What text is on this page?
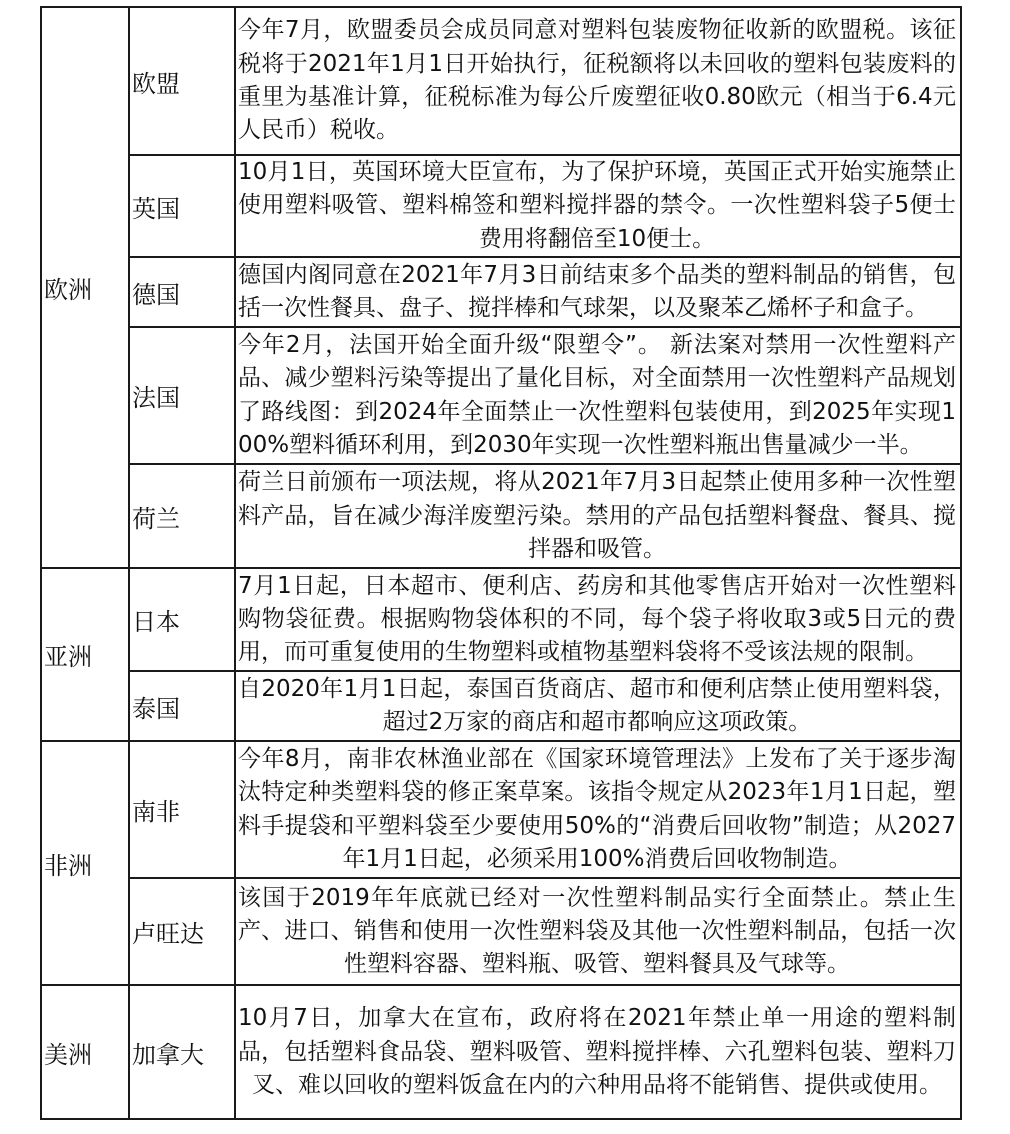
欧洲	欧盟	今年7月，欧盟委员会成员同意对塑料包装废物征收新的欧盟税。该征税将于2021年1月1日开始执行，征税额将以未回收的塑料包装废料的重里为基准计算，征税标准为每公斤废塑征收0.80欧元（相当于6.4元人民币）税收。
	英国	10月1日，英国环境大臣宣布，为了保护环境，英国正式开始实施禁止使用塑料吸管、塑料棉签和塑料搅拌器的禁令。一次性塑料袋子5便士费用将翻倍至10便士。
	德国	德国内阁同意在2021年7月3日前结束多个品类的塑料制品的销售，包括一次性餐具、盘子、搅拌棒和气球架，以及聚苯乙烯杯子和盒子。
	法国	今年2月，法国开始全面升级“限塑令”。 新法案对禁用一次性塑料产品、减少塑料污染等提出了量化目标，对全面禁用一次性塑料产品规划了路线图：到2024年全面禁止一次性塑料包装使用，到2025年实现100%塑料循环利用，到2030年实现一次性塑料瓶出售量减少一半。
	荷兰	荷兰日前颁布一项法规，将从2021年7月3日起禁止使用多种一次性塑料产品，旨在减少海洋废塑污染。禁用的产品包括塑料餐盘、餐具、搅拌器和吸管。
亚洲	日本	7月1日起，日本超市、便利店、药房和其他零售店开始对一次性塑料购物袋征费。根据购物袋体积的不同，每个袋子将收取3或5日元的费用，而可重复使用的生物塑料或植物基塑料袋将不受该法规的限制。
	泰国	自2020年1月1日起，泰国百货商店、超市和便利店禁止使用塑料袋，超过2万家的商店和超市都响应这项政策。
非洲	南非	今年8月，南非农林渔业部在《国家环境管理法》上发布了关于逐步淘汰特定种类塑料袋的修正案草案。该指令规定从2023年1月1日起，塑料手提袋和平塑料袋至少要使用50%的“消费后回收物”制造；从2027年1月1日起，必须采用100%消费后回收物制造。
	卢旺达	该国于2019年年底就已经对一次性塑料制品实行全面禁止。禁止生产、进口、销售和使用一次性塑料袋及其他一次性塑料制品，包括一次性塑料容器、塑料瓶、吸管、塑料餐具及气球等。
美洲	加拿大	10月7日，加拿大在宣布，政府将在2021年禁止单一用途的塑料制品，包括塑料食品袋、塑料吸管、塑料搅拌棒、六孔塑料包装、塑料刀叉、难以回收的塑料饭盒在内的六种用品将不能销售、提供或使用。
